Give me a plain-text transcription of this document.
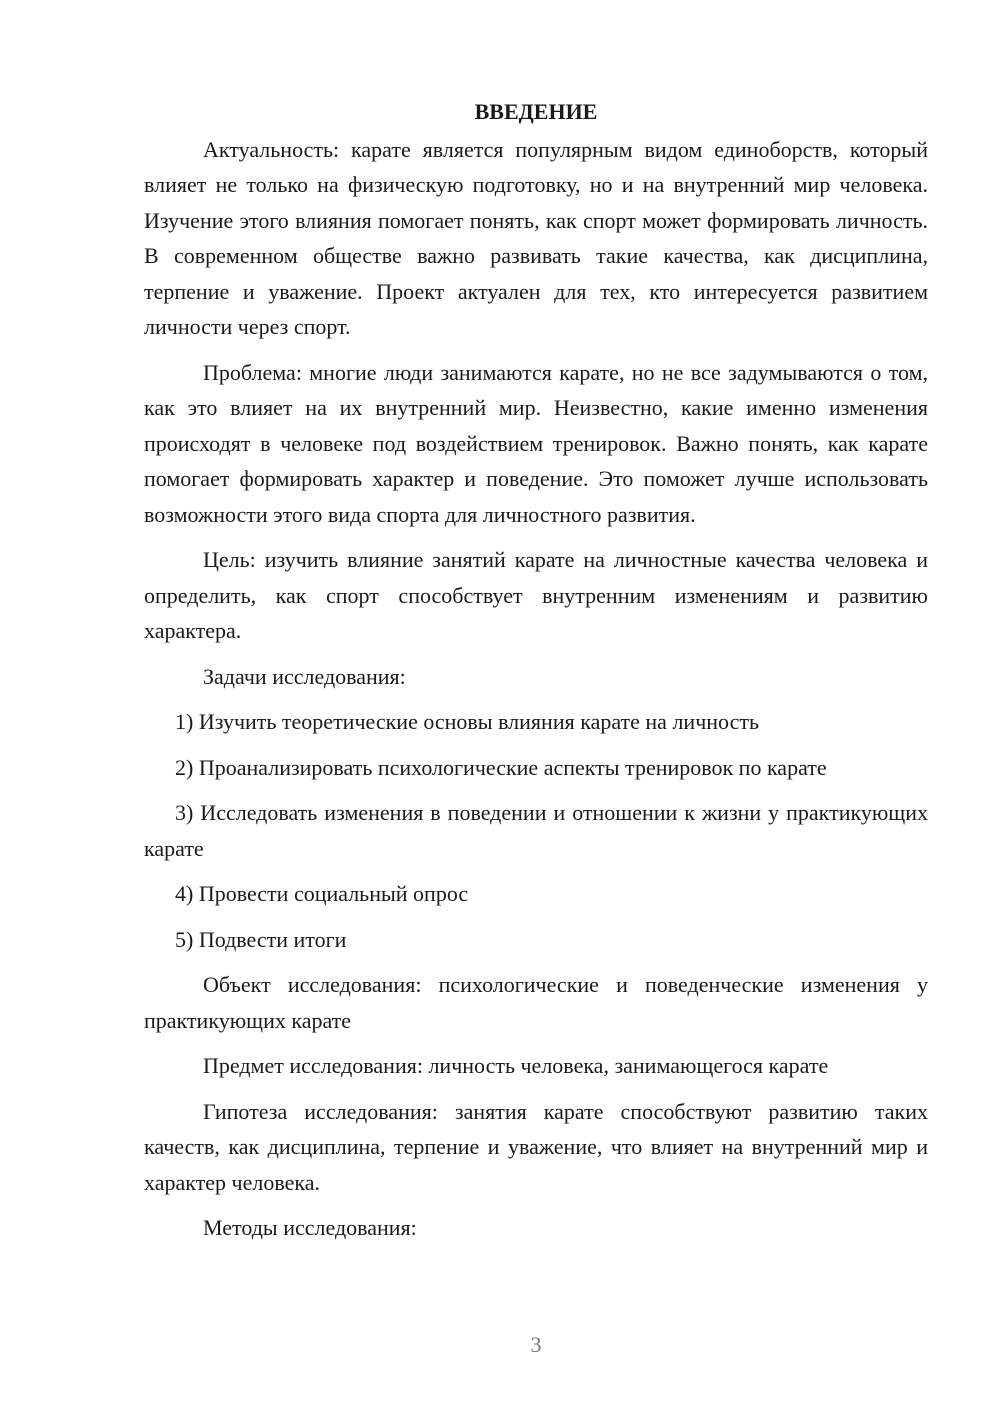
ВВЕДЕНИЕ

Актуальность: карате является популярным видом единоборств, который влияет не только на физическую подготовку, но и на внутренний мир человека. Изучение этого влияния помогает понять, как спорт может формировать личность. В современном обществе важно развивать такие качества, как дисциплина, терпение и уважение. Проект актуален для тех, кто интересуется развитием личности через спорт.

Проблема: многие люди занимаются карате, но не все задумываются о том, как это влияет на их внутренний мир. Неизвестно, какие именно изменения происходят в человеке под воздействием тренировок. Важно понять, как карате помогает формировать характер и поведение. Это поможет лучше использовать возможности этого вида спорта для личностного развития.

Цель: изучить влияние занятий карате на личностные качества человека и определить, как спорт способствует внутренним изменениям и развитию характера.

Задачи исследования:

1) Изучить теоретические основы влияния карате на личность

2) Проанализировать психологические аспекты тренировок по карате

3) Исследовать изменения в поведении и отношении к жизни у практикующих карате

4) Провести социальный опрос

5) Подвести итоги

Объект исследования: психологические и поведенческие изменения у практикующих карате

Предмет исследования: личность человека, занимающегося карате

Гипотеза исследования: занятия карате способствуют развитию таких качеств, как дисциплина, терпение и уважение, что влияет на внутренний мир и характер человека.

Методы исследования:

3
